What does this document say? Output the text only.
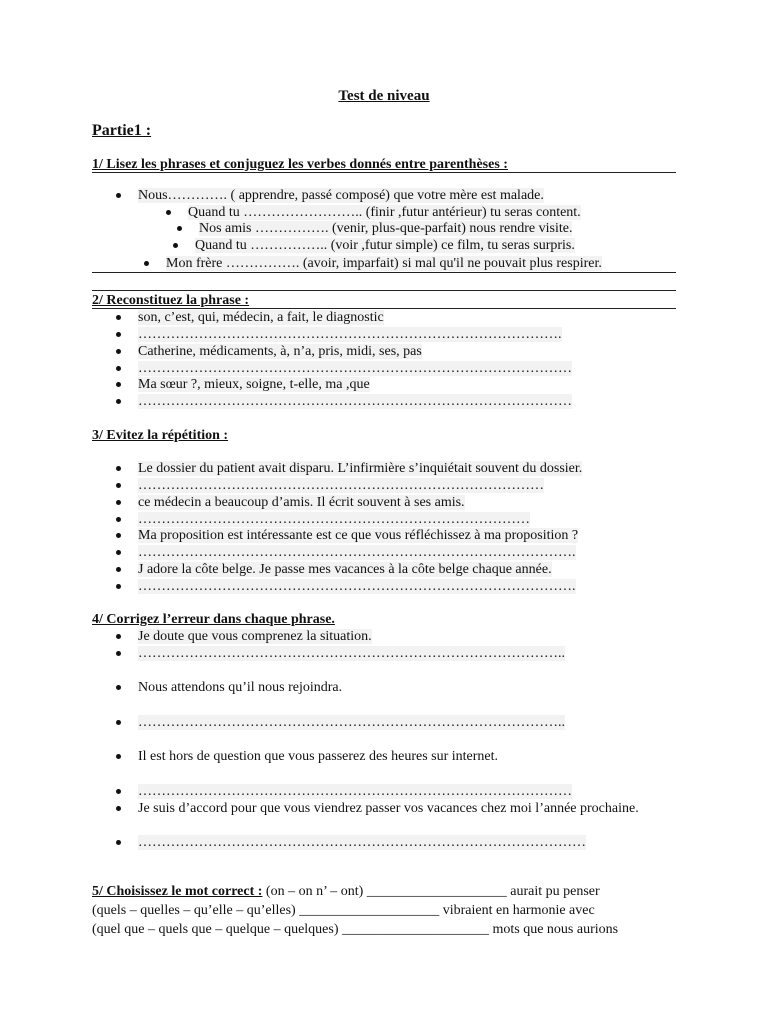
Test de niveau
Partie1 :
1/ Lisez les phrases et conjuguez les verbes donnés entre parenthèses :
Nous…………. ( apprendre, passé composé) que votre mère est malade.
Quand tu …………………….. (finir ,futur antérieur) tu seras content.
Nos amis ……………. (venir, plus-que-parfait) nous rendre visite.
Quand tu …………….. (voir ,futur simple) ce film, tu seras surpris.
Mon frère ……………. (avoir, imparfait) si mal qu'il ne pouvait plus respirer.
2/ Reconstituez la phrase :
son, c’est, qui, médecin, a fait, le diagnostic
……………………………………………………………………………….
Catherine, médicaments, à, n’a, pris, midi, ses, pas
…………………………………………………………………………………
Ma sœur ?, mieux, soigne, t-elle, ma ,que
…………………………………………………………………………………
3/ Evitez la répétition :
Le dossier du patient avait disparu. L’infirmière s’inquiétait souvent du dossier.
……………………………………………………………………………
ce médecin a beaucoup d’amis. Il écrit souvent à ses amis.
…………………………………………………………………………
Ma proposition est intéressante est ce que vous réfléchissez à ma proposition ?
………………………………………………………………………………….
J adore la côte belge. Je passe mes vacances à la côte belge chaque année.
………………………………………………………………………………….
4/ Corrigez l’erreur dans chaque phrase.
Je doute que vous comprenez la situation.
………………………………………………………………………………..
Nous attendons qu’il nous rejoindra.
………………………………………………………………………………..
Il est hors de question que vous passerez des heures sur internet.
…………………………………………………………………………………
Je suis d’accord pour que vous viendrez passer vos vacances chez moi l’année prochaine.
……………………………………………………………………………………
5/ Choisissez le mot correct : (on – on n’ – ont) ____________________ aurait pu penser
(quels – quelles – qu’elle – qu’elles) ____________________ vibraient en harmonie avec
(quel que – quels que – quelque – quelques) _____________________ mots que nous aurions
